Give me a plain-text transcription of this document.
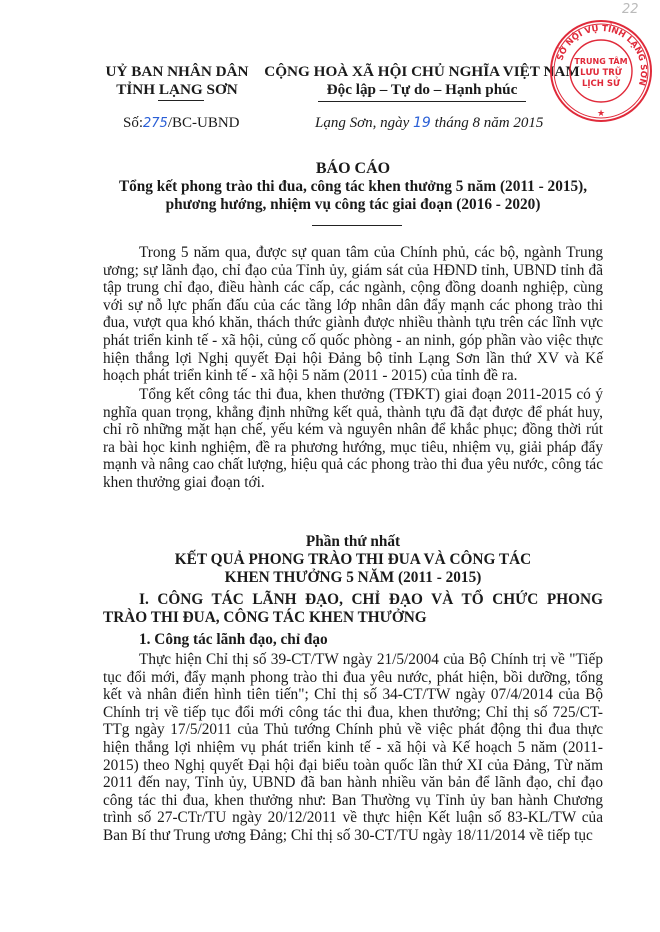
22
UỶ BAN NHÂN DÂN
TỈNH LẠNG SƠN
Số:275/BC-UBND
CỘNG HOÀ XÃ HỘI CHỦ NGHĨA VIỆT NAM
Độc lập – Tự do – Hạnh phúc
Lạng Sơn, ngày 19 tháng 8 năm 2015
SỞ NỘI VỤ TỈNH LẠNG SƠN
TRUNG TÂM
LƯU TRỮ
LỊCH SỬ
★
BÁO CÁO
Tổng kết phong trào thi đua, công tác khen thưởng 5 năm (2011 - 2015),
phương hướng, nhiệm vụ công tác giai đoạn (2016 - 2020)

Trong 5 năm qua, được sự quan tâm của Chính phủ, các bộ, ngành Trung ương; sự lãnh đạo, chỉ đạo của Tỉnh ủy, giám sát của HĐND tỉnh, UBND tỉnh đã tập trung chỉ đạo, điều hành các cấp, các ngành, cộng đồng doanh nghiệp, cùng với sự nỗ lực phấn đấu của các tầng lớp nhân dân đẩy mạnh các phong trào thi đua, vượt qua khó khăn, thách thức giành được nhiều thành tựu trên các lĩnh vực phát triển kinh tế - xã hội, củng cố quốc phòng - an ninh, góp phần vào việc thực hiện thắng lợi Nghị quyết Đại hội Đảng bộ tỉnh Lạng Sơn lần thứ XV và Kế hoạch phát triển kinh tế - xã hội 5 năm (2011 - 2015) của tỉnh đề ra.

Tổng kết công tác thi đua, khen thưởng (TĐKT) giai đoạn 2011-2015 có ý nghĩa quan trọng, khẳng định những kết quả, thành tựu đã đạt được để phát huy, chỉ rõ những mặt hạn chế, yếu kém và nguyên nhân để khắc phục; đồng thời rút ra bài học kinh nghiệm, đề ra phương hướng, mục tiêu, nhiệm vụ, giải pháp đẩy mạnh và nâng cao chất lượng, hiệu quả các phong trào thi đua yêu nước, công tác khen thưởng giai đoạn tới.

Phần thứ nhất
KẾT QUẢ PHONG TRÀO THI ĐUA VÀ CÔNG TÁC
KHEN THƯỞNG 5 NĂM (2011 - 2015)

I. CÔNG TÁC LÃNH ĐẠO, CHỈ ĐẠO VÀ TỔ CHỨC PHONG TRÀO THI ĐUA, CÔNG TÁC KHEN THƯỞNG

1. Công tác lãnh đạo, chỉ đạo

Thực hiện Chỉ thị số 39-CT/TW ngày 21/5/2004 của Bộ Chính trị về "Tiếp tục đổi mới, đẩy mạnh phong trào thi đua yêu nước, phát hiện, bồi dưỡng, tổng kết và nhân điển hình tiên tiến"; Chỉ thị số 34-CT/TW ngày 07/4/2014 của Bộ Chính trị về tiếp tục đổi mới công tác thi đua, khen thưởng; Chỉ thị số 725/CT-TTg ngày 17/5/2011 của Thủ tướng Chính phủ về việc phát động thi đua thực hiện thắng lợi nhiệm vụ phát triển kinh tế - xã hội và Kế hoạch 5 năm (2011-2015) theo Nghị quyết Đại hội đại biểu toàn quốc lần thứ XI của Đảng, Từ năm 2011 đến nay, Tỉnh ủy, UBND đã ban hành nhiều văn bản để lãnh đạo, chỉ đạo công tác thi đua, khen thưởng như: Ban Thường vụ Tỉnh ủy ban hành Chương trình số 27-CTr/TU ngày 20/12/2011 về thực hiện Kết luận số 83-KL/TW của Ban Bí thư Trung ương Đảng; Chỉ thị số 30-CT/TU ngày 18/11/2014 về tiếp tục
